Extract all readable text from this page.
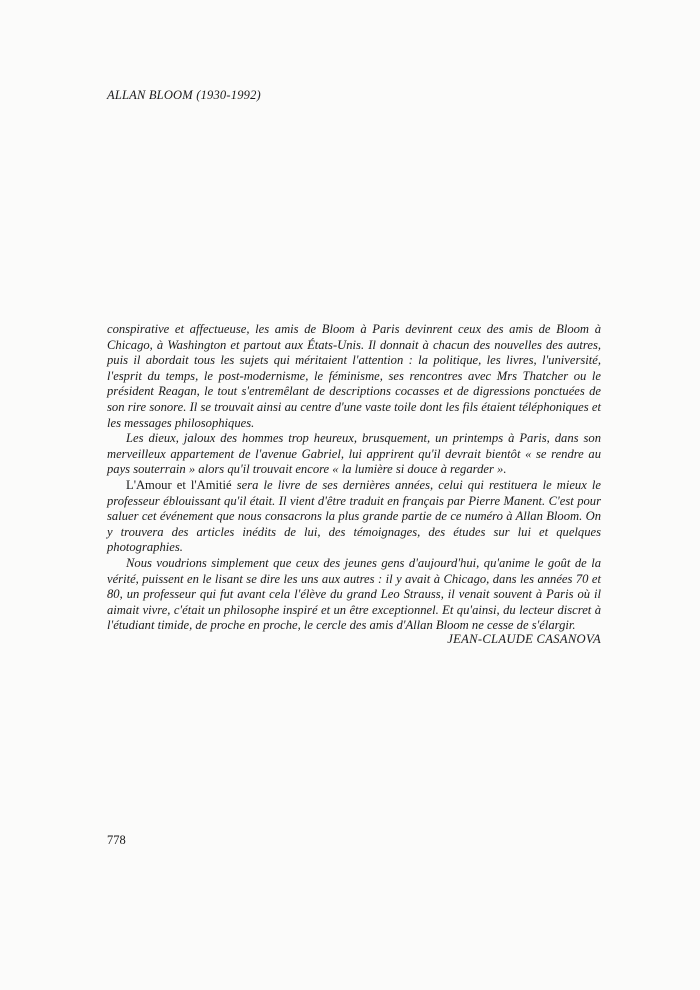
ALLAN BLOOM (1930-1992)

conspirative et affectueuse, les amis de Bloom à Paris devinrent ceux des amis de Bloom à Chicago, à Washington et partout aux États-Unis. Il donnait à chacun des nouvelles des autres, puis il abordait tous les sujets qui méritaient l'attention : la politique, les livres, l'université, l'esprit du temps, le post-modernisme, le féminisme, ses rencontres avec Mrs Thatcher ou le président Reagan, le tout s'entremêlant de descriptions cocasses et de digressions ponctuées de son rire sonore. Il se trouvait ainsi au centre d'une vaste toile dont les fils étaient téléphoniques et les messages philosophiques.

Les dieux, jaloux des hommes trop heureux, brusquement, un printemps à Paris, dans son merveilleux appartement de l'avenue Gabriel, lui apprirent qu'il devrait bientôt « se rendre au pays souterrain » alors qu'il trouvait encore « la lumière si douce à regarder ».

L'Amour et l'Amitié sera le livre de ses dernières années, celui qui restituera le mieux le professeur éblouissant qu'il était. Il vient d'être traduit en français par Pierre Manent. C'est pour saluer cet événement que nous consacrons la plus grande partie de ce numéro à Allan Bloom. On y trouvera des articles inédits de lui, des témoignages, des études sur lui et quelques photographies.

Nous voudrions simplement que ceux des jeunes gens d'aujourd'hui, qu'anime le goût de la vérité, puissent en le lisant se dire les uns aux autres : il y avait à Chicago, dans les années 70 et 80, un professeur qui fut avant cela l'élève du grand Leo Strauss, il venait souvent à Paris où il aimait vivre, c'était un philosophe inspiré et un être exceptionnel. Et qu'ainsi, du lecteur discret à l'étudiant timide, de proche en proche, le cercle des amis d'Allan Bloom ne cesse de s'élargir.

JEAN-CLAUDE CASANOVA
778
